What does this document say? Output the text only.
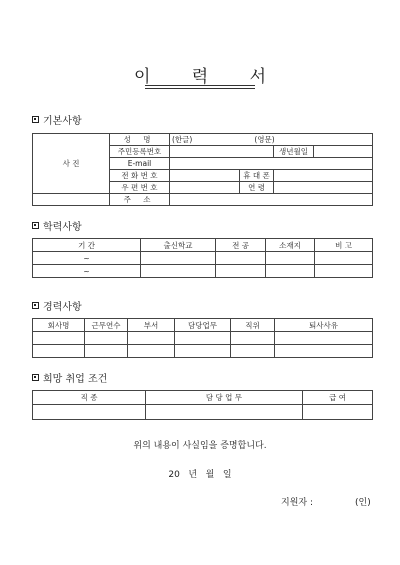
이 력 서
기본사항
사 진	성 명	(한글) (영문)			
	주민등록번호			생년월일	
	E-mail				
	전 화 번 호		휴 대 폰		
	우 편 번 호		연 령		
	주 소				
학력사항
기 간	출신학교	전 공	소재지	비 고
~				
~				
경력사항
회사명	근무연수	부서	담당업무	직위	퇴사사유

희망 취업 조건
직 종	담 당 업 무	급 여

위의 내용이 사실임을 증명합니다.
20   년   월   일
지원자 :	(인)
